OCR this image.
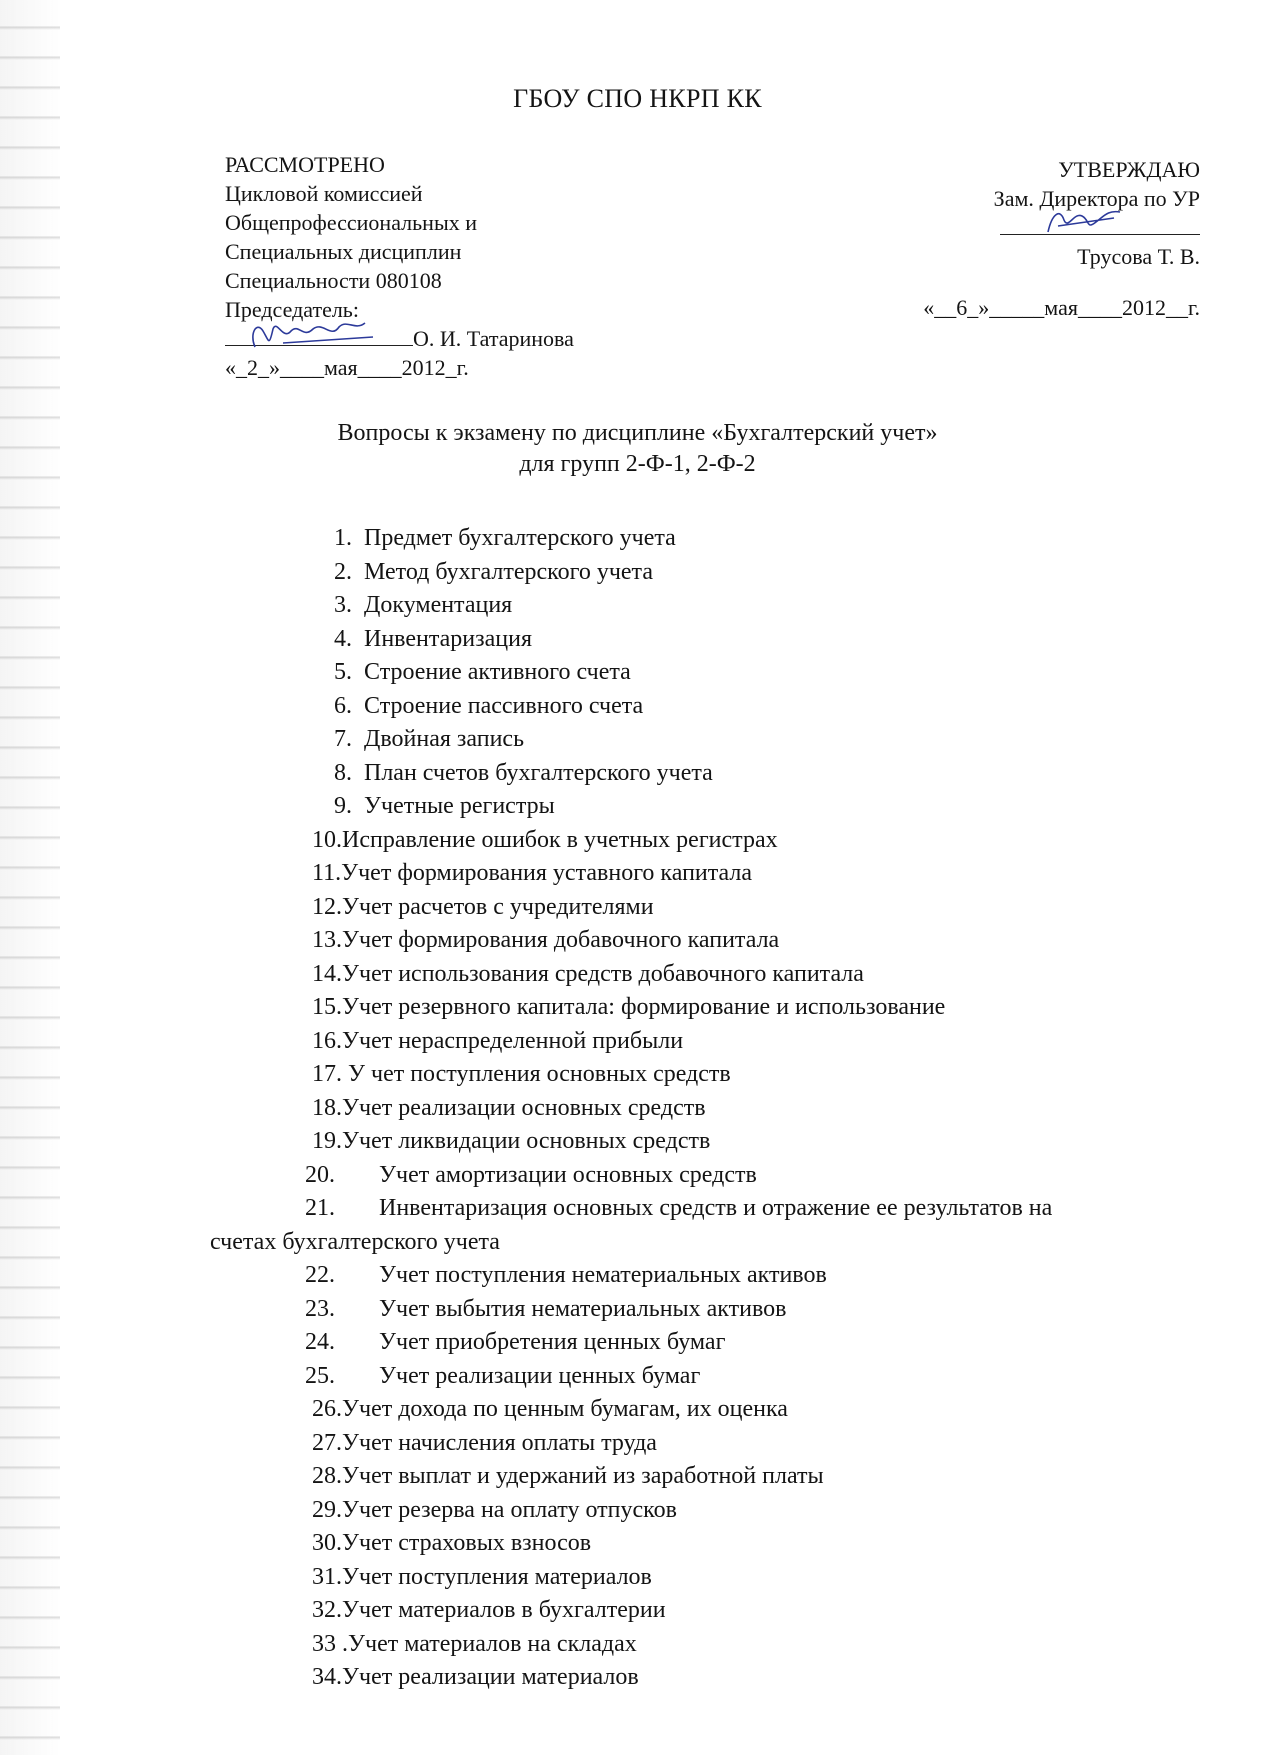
ГБОУ СПО НКРП КК
РАССМОТРЕНО
Цикловой комиссией
Общепрофессиональных и
Специальных дисциплин
Специальности 080108
Председатель:
О. И. Татаринова
«_2_»____мая____2012_г.
УТВЕРЖДАЮ
Зам. Директора по УР
Трусова Т. В.
«__6_»_____мая____2012__г.
Вопросы к экзамену по дисциплине «Бухгалтерский учет»
для групп 2-Ф-1, 2-Ф-2
1. Предмет бухгалтерского учета
2. Метод бухгалтерского учета
3. Документация
4. Инвентаризация
5. Строение активного счета
6. Строение пассивного счета
7. Двойная запись
8. План счетов бухгалтерского учета
9. Учетные регистры
10.Исправление ошибок в учетных регистрах
11.Учет формирования уставного капитала
12.Учет расчетов с учредителями
13.Учет формирования добавочного капитала
14.Учет использования средств добавочного капитала
15.Учет резервного капитала: формирование и использование
16.Учет нераспределенной прибыли
17. У чет поступления основных средств
18.Учет реализации основных средств
19.Учет ликвидации основных средств
20. Учет амортизации основных средств
21. Инвентаризация основных средств и отражение ее результатов на
счетах бухгалтерского учета
22. Учет поступления нематериальных активов
23. Учет выбытия нематериальных активов
24. Учет приобретения ценных бумаг
25. Учет реализации ценных бумаг
26.Учет дохода по ценным бумагам, их оценка
27.Учет начисления оплаты труда
28.Учет выплат и удержаний из заработной платы
29.Учет резерва на оплату отпусков
30.Учет страховых взносов
31.Учет поступления материалов
32.Учет материалов в бухгалтерии
33 .Учет материалов на складах
34.Учет реализации материалов
